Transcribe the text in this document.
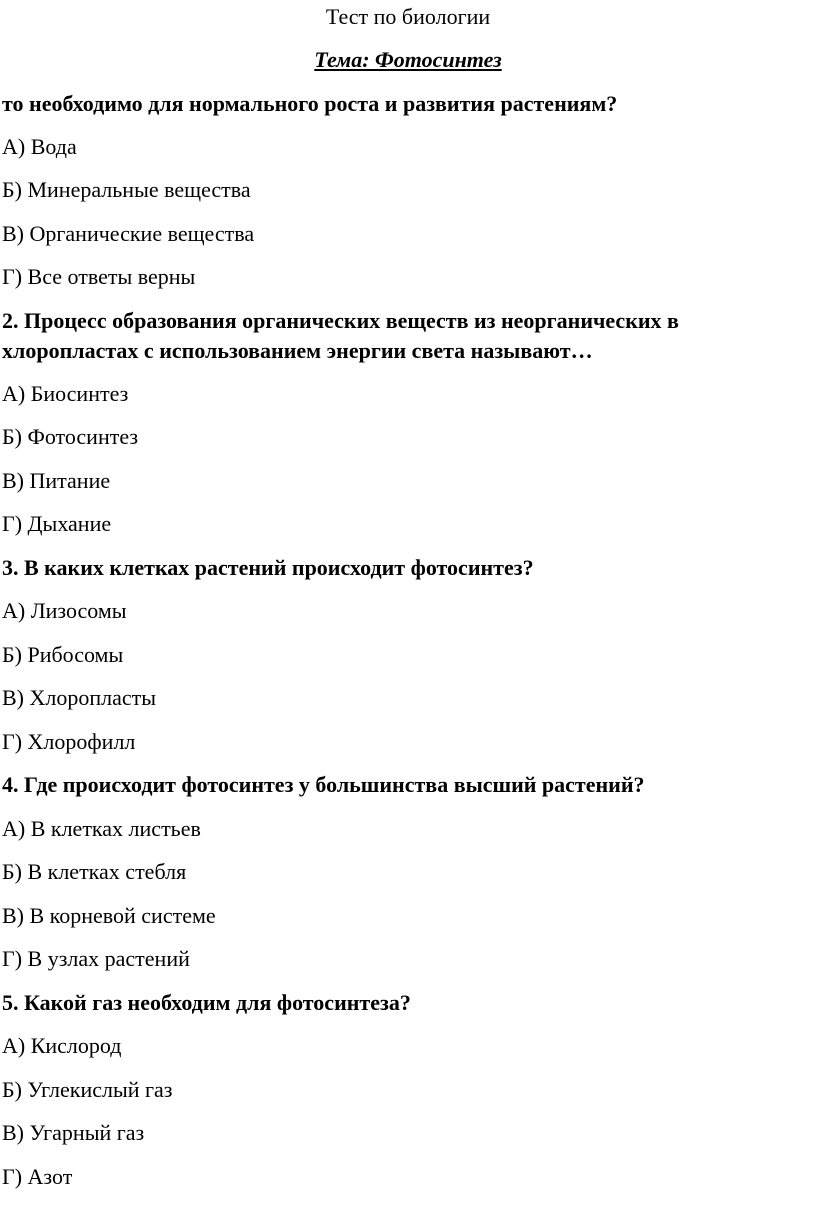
Тест по биологии
Тема: Фотосинтез
то необходимо для нормального роста и развития растениям?
А) Вода
Б) Минеральные вещества
В) Органические вещества
Г) Все ответы верны
2. Процесс образования органических веществ из неорганических в
хлоропластах с использованием энергии света называют…
А) Биосинтез
Б) Фотосинтез
В) Питание
Г) Дыхание
3. В каких клетках растений происходит фотосинтез?
А) Лизосомы
Б) Рибосомы
В) Хлоропласты
Г) Хлорофилл
4. Где происходит фотосинтез у большинства высший растений?
А) В клетках листьев
Б) В клетках стебля
В) В корневой системе
Г) В узлах растений
5. Какой газ необходим для фотосинтеза?
А) Кислород
Б) Углекислый газ
В) Угарный газ
Г) Азот
